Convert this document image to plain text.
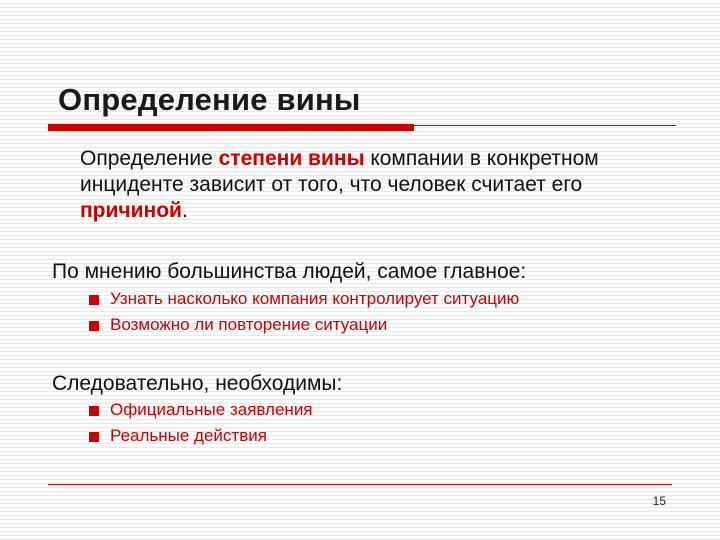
Определение вины
Определение степени вины компании в конкретном инциденте зависит от того, что человек считает его причиной.
По мнению большинства людей, самое главное:
Узнать насколько компания контролирует ситуацию
Возможно ли повторение ситуации
Следовательно, необходимы:
Официальные заявления
Реальные действия
15
